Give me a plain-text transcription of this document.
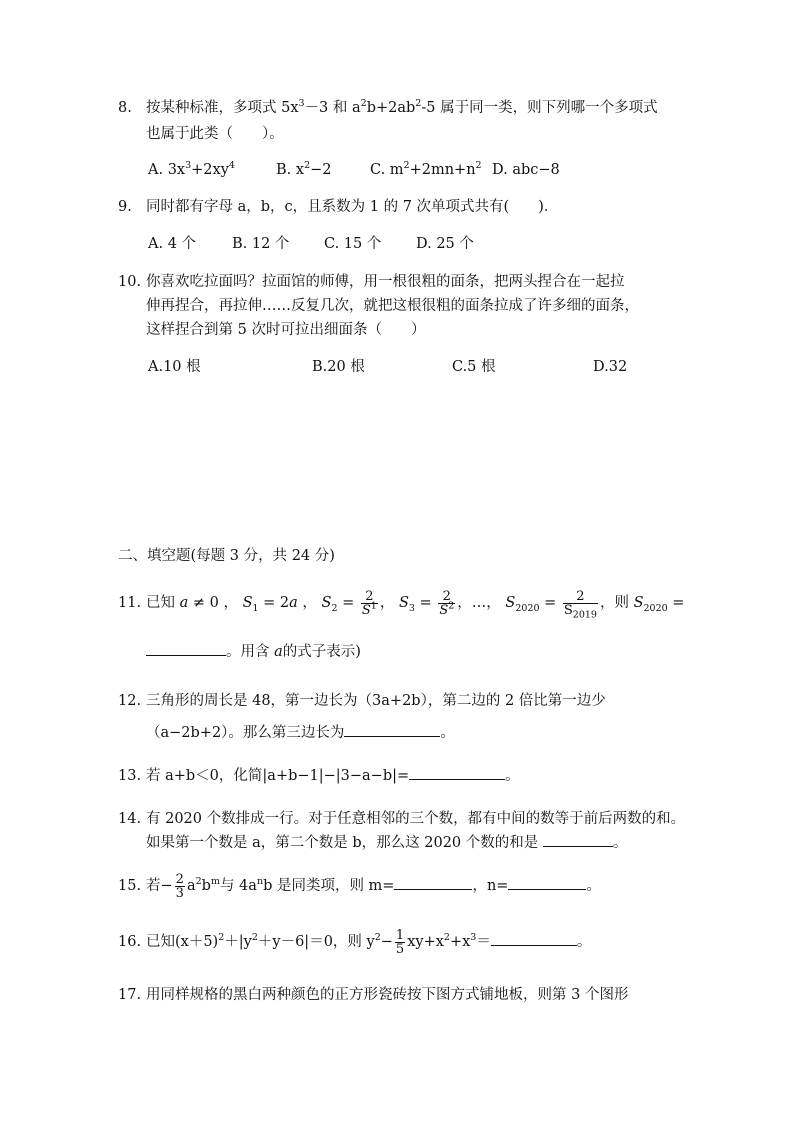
8. 按某种标准，多项式 $5x^3-3$ 和 $a^2b+2ab^2-5$ 属于同一类，则下列哪一个多项式
也属于此类（　　）。
A. $3x^3+2xy^4$	B. $x^2-2$	C. $m^2+2mn+n^2$ D. abc−8
9. 同时都有字母 a，b，c，且系数为 1 的 7 次单项式共有(　　)．
A. 4 个 B. 12 个 C. 15 个 D. 25 个
10. 你喜欢吃拉面吗？拉面馆的师傅，用一根很粗的面条，把两头捏合在一起拉
伸再捏合，再拉伸……反复几次，就把这根很粗的面条拉成了许多细的面条，
这样捏合到第 5 次时可拉出细面条（　　）
A.10 根	B.20 根	C.5 根	D.32
二、填空题(每题 3 分，共 24 分)
11. 已知 a ≠ 0 ， $S_1 = 2a$ ， $S_2 = \frac{2}{S^1}$ ， $S_3 = \frac{2}{S^2}$ ，…， $S_{2020} = \frac{2}{S_{2019}}$ ，则 $S_{2020}$ =
。用含 a的式子表示)
12. 三角形的周长是 48，第一边长为（3a+2b），第二边的 2 倍比第一边少
（a−2b+2）。那么第三边长为	。
13. 若 a+b＜0，化简|a+b−1|−|3−a−b|=	。
14. 有 2020 个数排成一行。对于任意相邻的三个数，都有中间的数等于前后两数的和。
如果第一个数是 a，第二个数是 b，那么这 2020 个数的和是	。
15. 若− $\frac{2}{3} a^2b^m$与 $4a^nb$ 是同类项，则 m=	，n=	。
16. 已知$(x+5)^2+|y^2+y-6|=0$，则 $y^2- \frac{1}{5} xy+x^2+x^3=$	。
17. 用同样规格的黑白两种颜色的正方形瓷砖按下图方式铺地板，则第 3 个图形
